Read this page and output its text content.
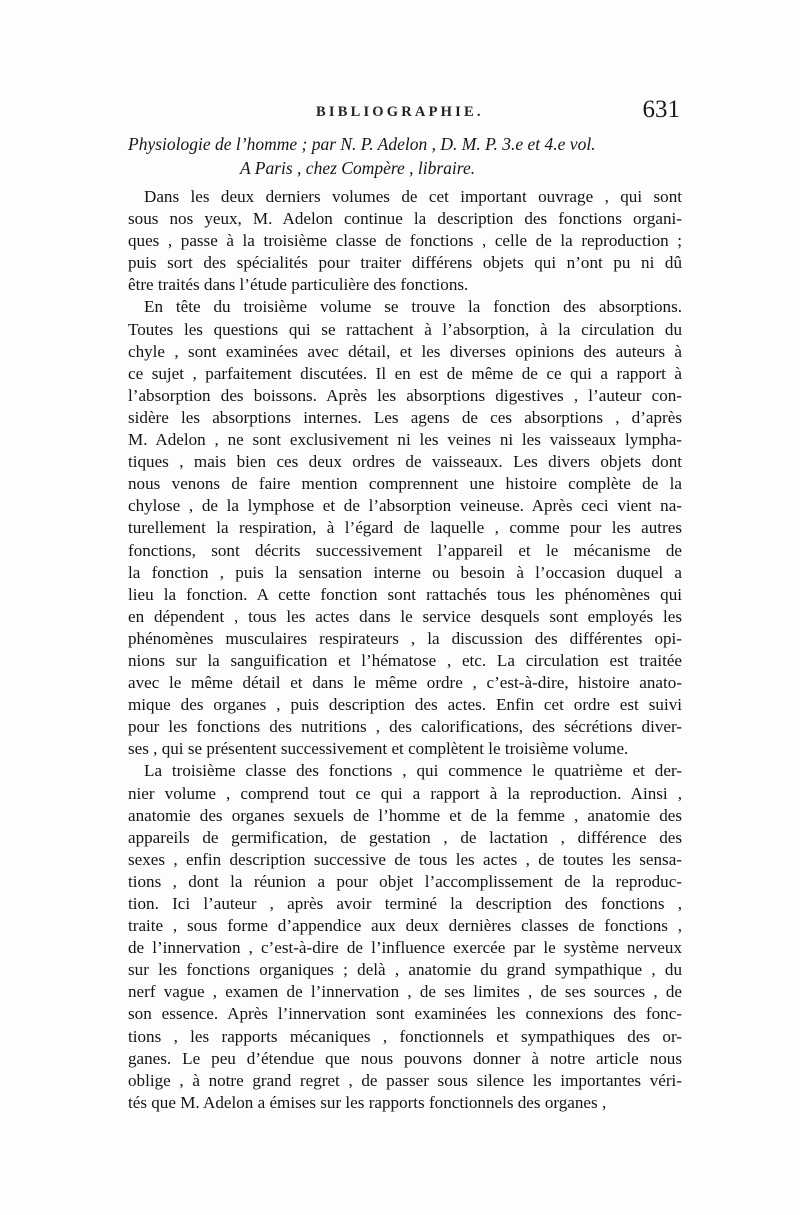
BIBLIOGRAPHIE.	631
Physiologie de l’homme ; par N. P. Adelon , D. M. P. 3.e et 4.e vol.
A Paris , chez Compère , libraire.
Dans les deux derniers volumes de cet important ouvrage , qui sont
sous nos yeux, M. Adelon continue la description des fonctions organi-
ques , passe à la troisième classe de fonctions , celle de la reproduction ;
puis sort des spécialités pour traiter différens objets qui n’ont pu ni dû
être traités dans l’étude particulière des fonctions.
En tête du troisième volume se trouve la fonction des absorptions.
Toutes les questions qui se rattachent à l’absorption, à la circulation du
chyle , sont examinées avec détail, et les diverses opinions des auteurs à
ce sujet , parfaitement discutées. Il en est de même de ce qui a rapport à
l’absorption des boissons. Après les absorptions digestives , l’auteur con-
sidère les absorptions internes. Les agens de ces absorptions , d’après
M. Adelon , ne sont exclusivement ni les veines ni les vaisseaux lympha-
tiques , mais bien ces deux ordres de vaisseaux. Les divers objets dont
nous venons de faire mention comprennent une histoire complète de la
chylose , de la lymphose et de l’absorption veineuse. Après ceci vient na-
turellement la respiration, à l’égard de laquelle , comme pour les autres
fonctions, sont décrits successivement l’appareil et le mécanisme de
la fonction , puis la sensation interne ou besoin à l’occasion duquel a
lieu la fonction. A cette fonction sont rattachés tous les phénomènes qui
en dépendent , tous les actes dans le service desquels sont employés les
phénomènes musculaires respirateurs , la discussion des différentes opi-
nions sur la sanguification et l’hématose , etc. La circulation est traitée
avec le même détail et dans le même ordre , c’est-à-dire, histoire anato-
mique des organes , puis description des actes. Enfin cet ordre est suivi
pour les fonctions des nutritions , des calorifications, des sécrétions diver-
ses , qui se présentent successivement et complètent le troisième volume.
La troisième classe des fonctions , qui commence le quatrième et der-
nier volume , comprend tout ce qui a rapport à la reproduction. Ainsi ,
anatomie des organes sexuels de l’homme et de la femme , anatomie des
appareils de germification, de gestation , de lactation , différence des
sexes , enfin description successive de tous les actes , de toutes les sensa-
tions , dont la réunion a pour objet l’accomplissement de la reproduc-
tion. Ici l’auteur , après avoir terminé la description des fonctions ,
traite , sous forme d’appendice aux deux dernières classes de fonctions ,
de l’innervation , c’est-à-dire de l’influence exercée par le système nerveux
sur les fonctions organiques ; delà , anatomie du grand sympathique , du
nerf vague , examen de l’innervation , de ses limites , de ses sources , de
son essence. Après l’innervation sont examinées les connexions des fonc-
tions , les rapports mécaniques , fonctionnels et sympathiques des or-
ganes. Le peu d’étendue que nous pouvons donner à notre article nous
oblige , à notre grand regret , de passer sous silence les importantes véri-
tés que M. Adelon a émises sur les rapports fonctionnels des organes ,
